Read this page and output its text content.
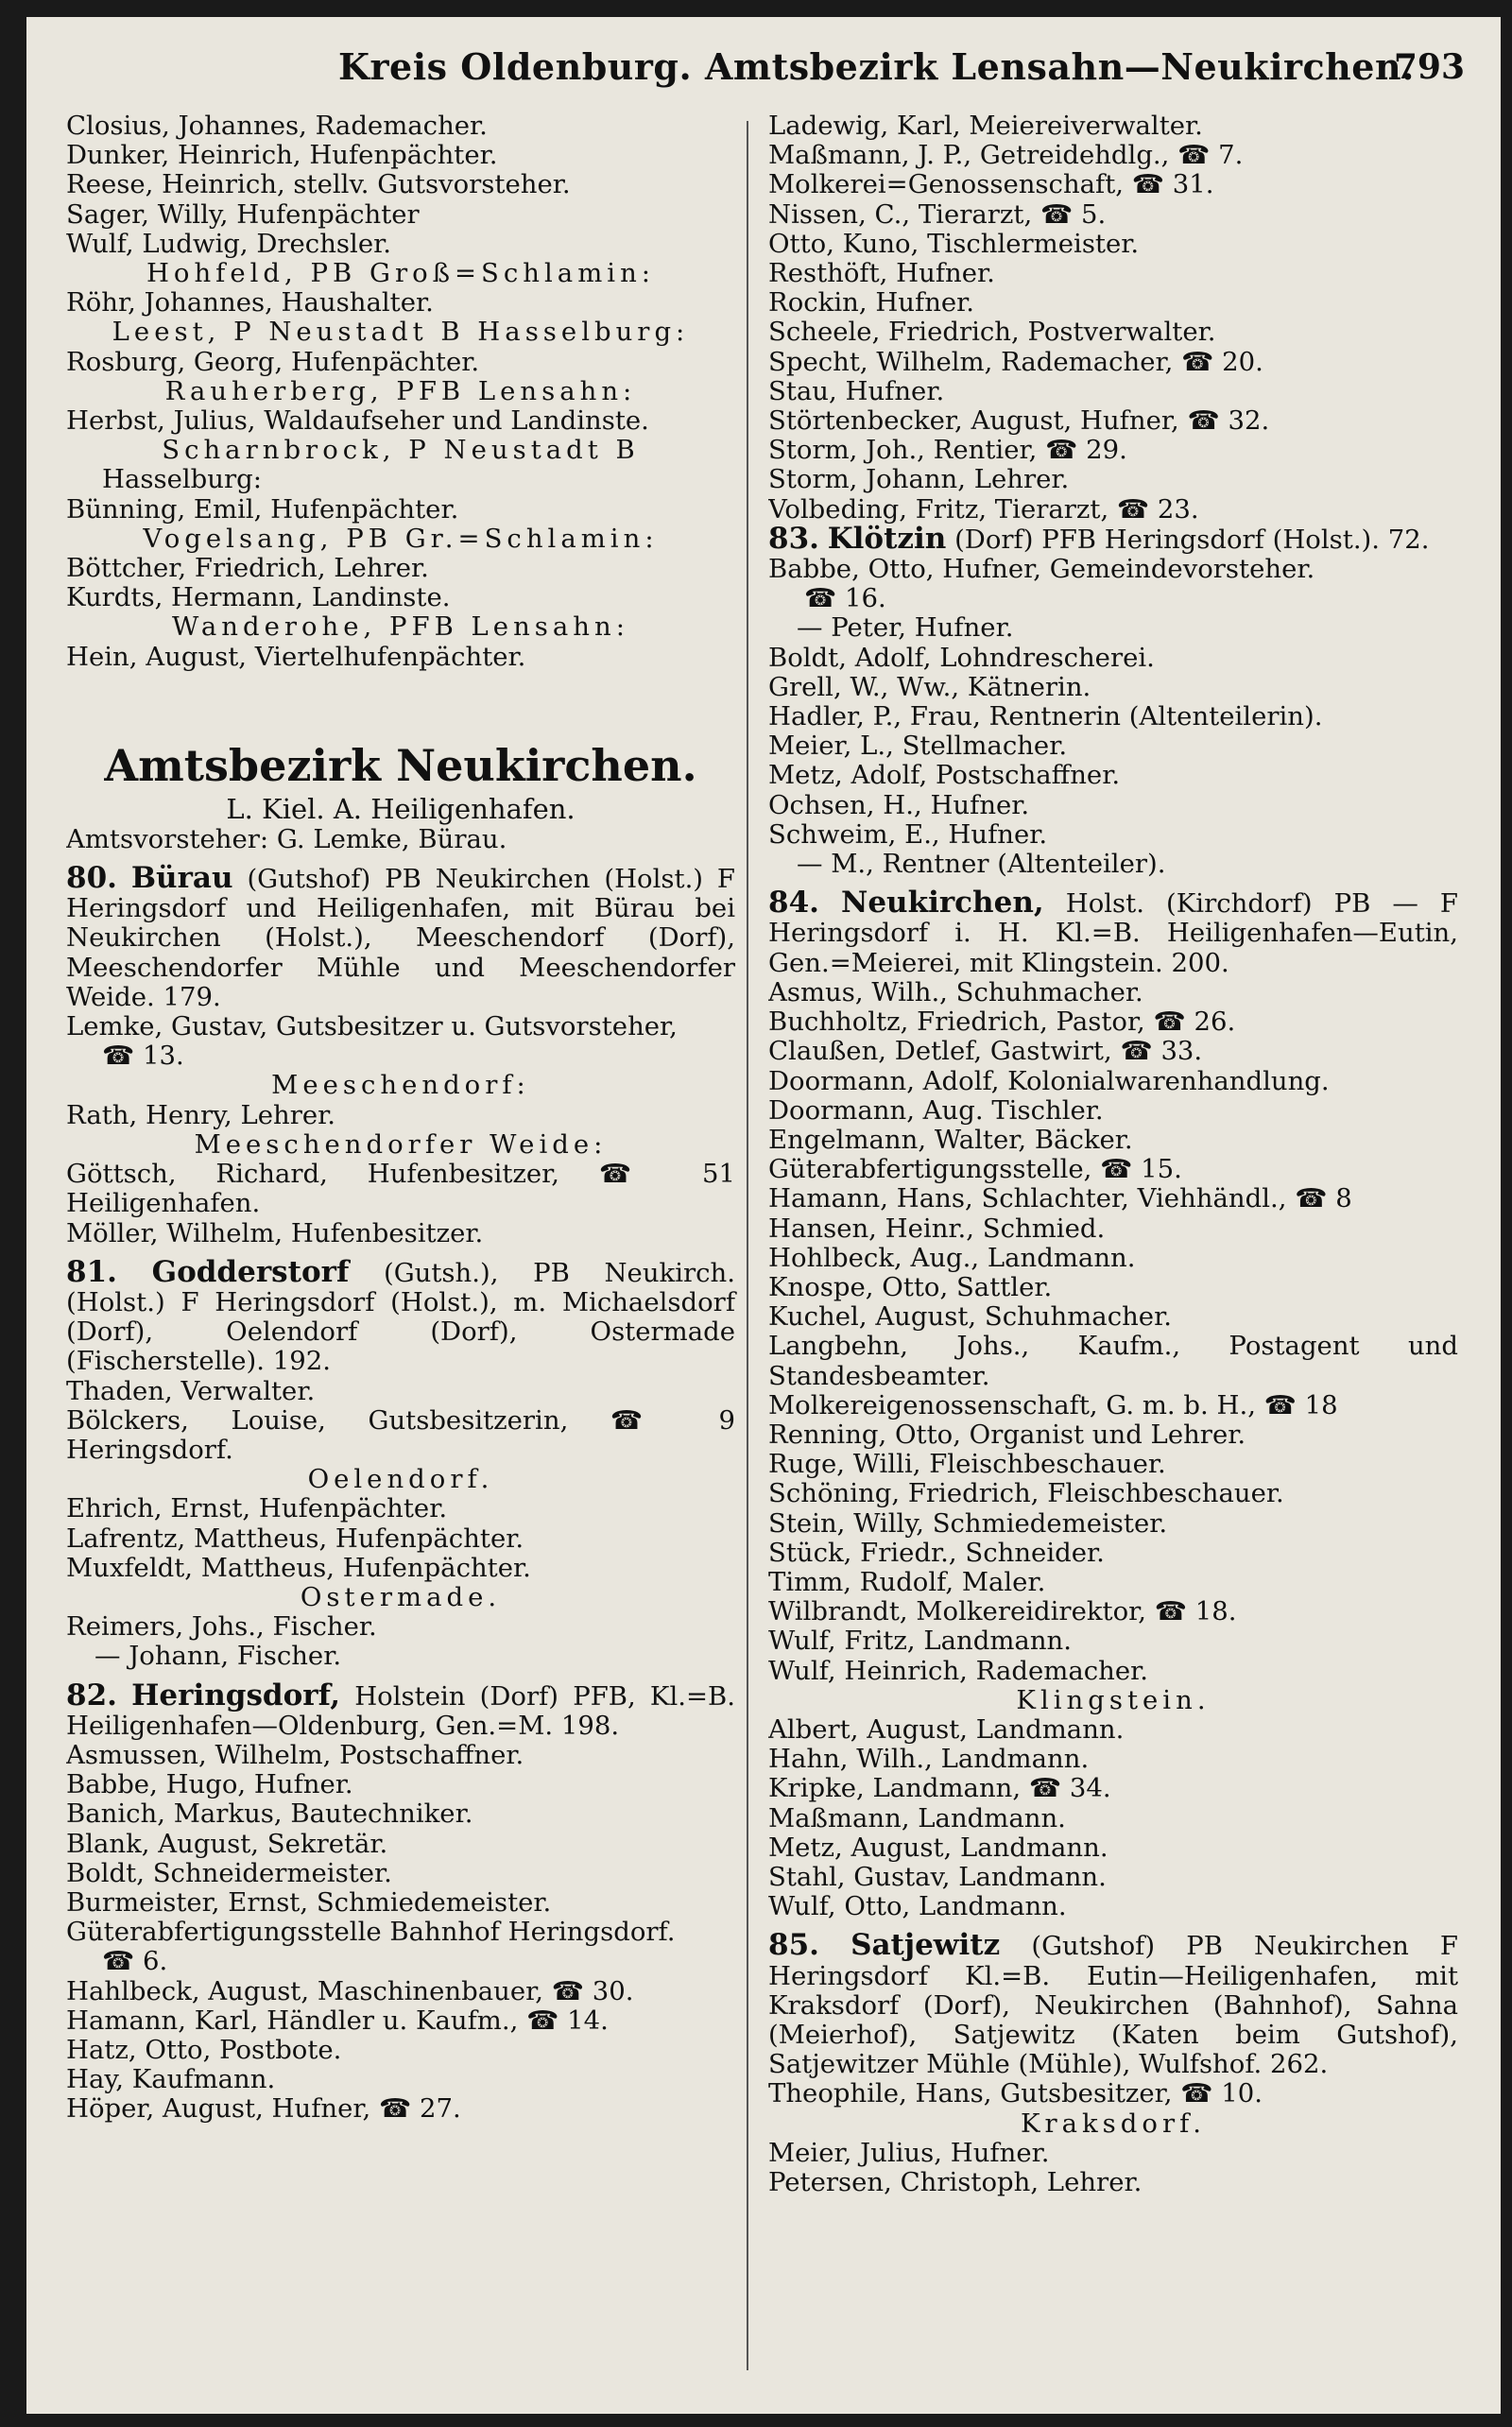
Kreis Oldenburg. Amtsbezirk Lensahn—Neukirchen.
793
Closius, Johannes, Rademacher.
Dunker, Heinrich, Hufenpächter.
Reese, Heinrich, stellv. Gutsvorsteher.
Sager, Willy, Hufenpächter
Wulf, Ludwig, Drechsler.
Hohfeld, PB Groß=Schlamin:
Röhr, Johannes, Haushalter.
Leest, P Neustadt B Hasselburg:
Rosburg, Georg, Hufenpächter.
Rauherberg, PFB Lensahn:
Herbst, Julius, Waldaufseher und Landinste.
Scharnbrock, P Neustadt B
Hasselburg:
Bünning, Emil, Hufenpächter.
Vogelsang, PB Gr.=Schlamin:
Böttcher, Friedrich, Lehrer.
Kurdts, Hermann, Landinste.
Wanderohe, PFB Lensahn:
Hein, August, Viertelhufenpächter.
Amtsbezirk Neukirchen.
L. Kiel. A. Heiligenhafen.
Amtsvorsteher: G. Lemke, Bürau.
80. Bürau (Gutshof) PB Neukirchen (Holst.) F Heringsdorf und Heiligenhafen, mit Bürau bei Neukirchen (Holst.), Meeschendorf (Dorf), Meeschendorfer Mühle und Meeschendorfer Weide. 179.
Lemke, Gustav, Gutsbesitzer u. Gutsvorsteher,
☎ 13.
Meeschendorf:
Rath, Henry, Lehrer.
Meeschendorfer Weide:
Göttsch, Richard, Hufenbesitzer, ☎ 51 Heiligenhafen.
Möller, Wilhelm, Hufenbesitzer.
81. Godderstorf (Gutsh.), PB Neukirch. (Holst.) F Heringsdorf (Holst.), m. Michaelsdorf (Dorf), Oelendorf (Dorf), Ostermade (Fischerstelle). 192.
Thaden, Verwalter.
Bölckers, Louise, Gutsbesitzerin, ☎ 9 Heringsdorf.
Oelendorf.
Ehrich, Ernst, Hufenpächter.
Lafrentz, Mattheus, Hufenpächter.
Muxfeldt, Mattheus, Hufenpächter.
Ostermade.
Reimers, Johs., Fischer.
— Johann, Fischer.
82. Heringsdorf, Holstein (Dorf) PFB, Kl.=B. Heiligenhafen—Oldenburg, Gen.=M. 198.
Asmussen, Wilhelm, Postschaffner.
Babbe, Hugo, Hufner.
Banich, Markus, Bautechniker.
Blank, August, Sekretär.
Boldt, Schneidermeister.
Burmeister, Ernst, Schmiedemeister.
Güterabfertigungsstelle Bahnhof Heringsdorf.
☎ 6.
Hahlbeck, August, Maschinenbauer, ☎ 30.
Hamann, Karl, Händler u. Kaufm., ☎ 14.
Hatz, Otto, Postbote.
Hay, Kaufmann.
Höper, August, Hufner, ☎ 27.
Ladewig, Karl, Meiereiverwalter.
Maßmann, J. P., Getreidehdlg., ☎ 7.
Molkerei=Genossenschaft, ☎ 31.
Nissen, C., Tierarzt, ☎ 5.
Otto, Kuno, Tischlermeister.
Resthöft, Hufner.
Rockin, Hufner.
Scheele, Friedrich, Postverwalter.
Specht, Wilhelm, Rademacher, ☎ 20.
Stau, Hufner.
Störtenbecker, August, Hufner, ☎ 32.
Storm, Joh., Rentier, ☎ 29.
Storm, Johann, Lehrer.
Volbeding, Fritz, Tierarzt, ☎ 23.
83. Klötzin (Dorf) PFB Heringsdorf (Holst.). 72.
Babbe, Otto, Hufner, Gemeindevorsteher.
☎ 16.
— Peter, Hufner.
Boldt, Adolf, Lohndrescherei.
Grell, W., Ww., Kätnerin.
Hadler, P., Frau, Rentnerin (Altenteilerin).
Meier, L., Stellmacher.
Metz, Adolf, Postschaffner.
Ochsen, H., Hufner.
Schweim, E., Hufner.
— M., Rentner (Altenteiler).
84. Neukirchen, Holst. (Kirchdorf) PB — F Heringsdorf i. H. Kl.=B. Heiligenhafen—Eutin, Gen.=Meierei, mit Klingstein. 200.
Asmus, Wilh., Schuhmacher.
Buchholtz, Friedrich, Pastor, ☎ 26.
Claußen, Detlef, Gastwirt, ☎ 33.
Doormann, Adolf, Kolonialwarenhandlung.
Doormann, Aug. Tischler.
Engelmann, Walter, Bäcker.
Güterabfertigungsstelle, ☎ 15.
Hamann, Hans, Schlachter, Viehhändl., ☎ 8
Hansen, Heinr., Schmied.
Hohlbeck, Aug., Landmann.
Knospe, Otto, Sattler.
Kuchel, August, Schuhmacher.
Langbehn, Johs., Kaufm., Postagent und Standesbeamter.
Molkereigenossenschaft, G. m. b. H., ☎ 18
Renning, Otto, Organist und Lehrer.
Ruge, Willi, Fleischbeschauer.
Schöning, Friedrich, Fleischbeschauer.
Stein, Willy, Schmiedemeister.
Stück, Friedr., Schneider.
Timm, Rudolf, Maler.
Wilbrandt, Molkereidirektor, ☎ 18.
Wulf, Fritz, Landmann.
Wulf, Heinrich, Rademacher.
Klingstein.
Albert, August, Landmann.
Hahn, Wilh., Landmann.
Kripke, Landmann, ☎ 34.
Maßmann, Landmann.
Metz, August, Landmann.
Stahl, Gustav, Landmann.
Wulf, Otto, Landmann.
85. Satjewitz (Gutshof) PB Neukirchen F Heringsdorf Kl.=B. Eutin—Heiligenhafen, mit Kraksdorf (Dorf), Neukirchen (Bahnhof), Sahna (Meierhof), Satjewitz (Katen beim Gutshof), Satjewitzer Mühle (Mühle), Wulfshof. 262.
Theophile, Hans, Gutsbesitzer, ☎ 10.
Kraksdorf.
Meier, Julius, Hufner.
Petersen, Christoph, Lehrer.
